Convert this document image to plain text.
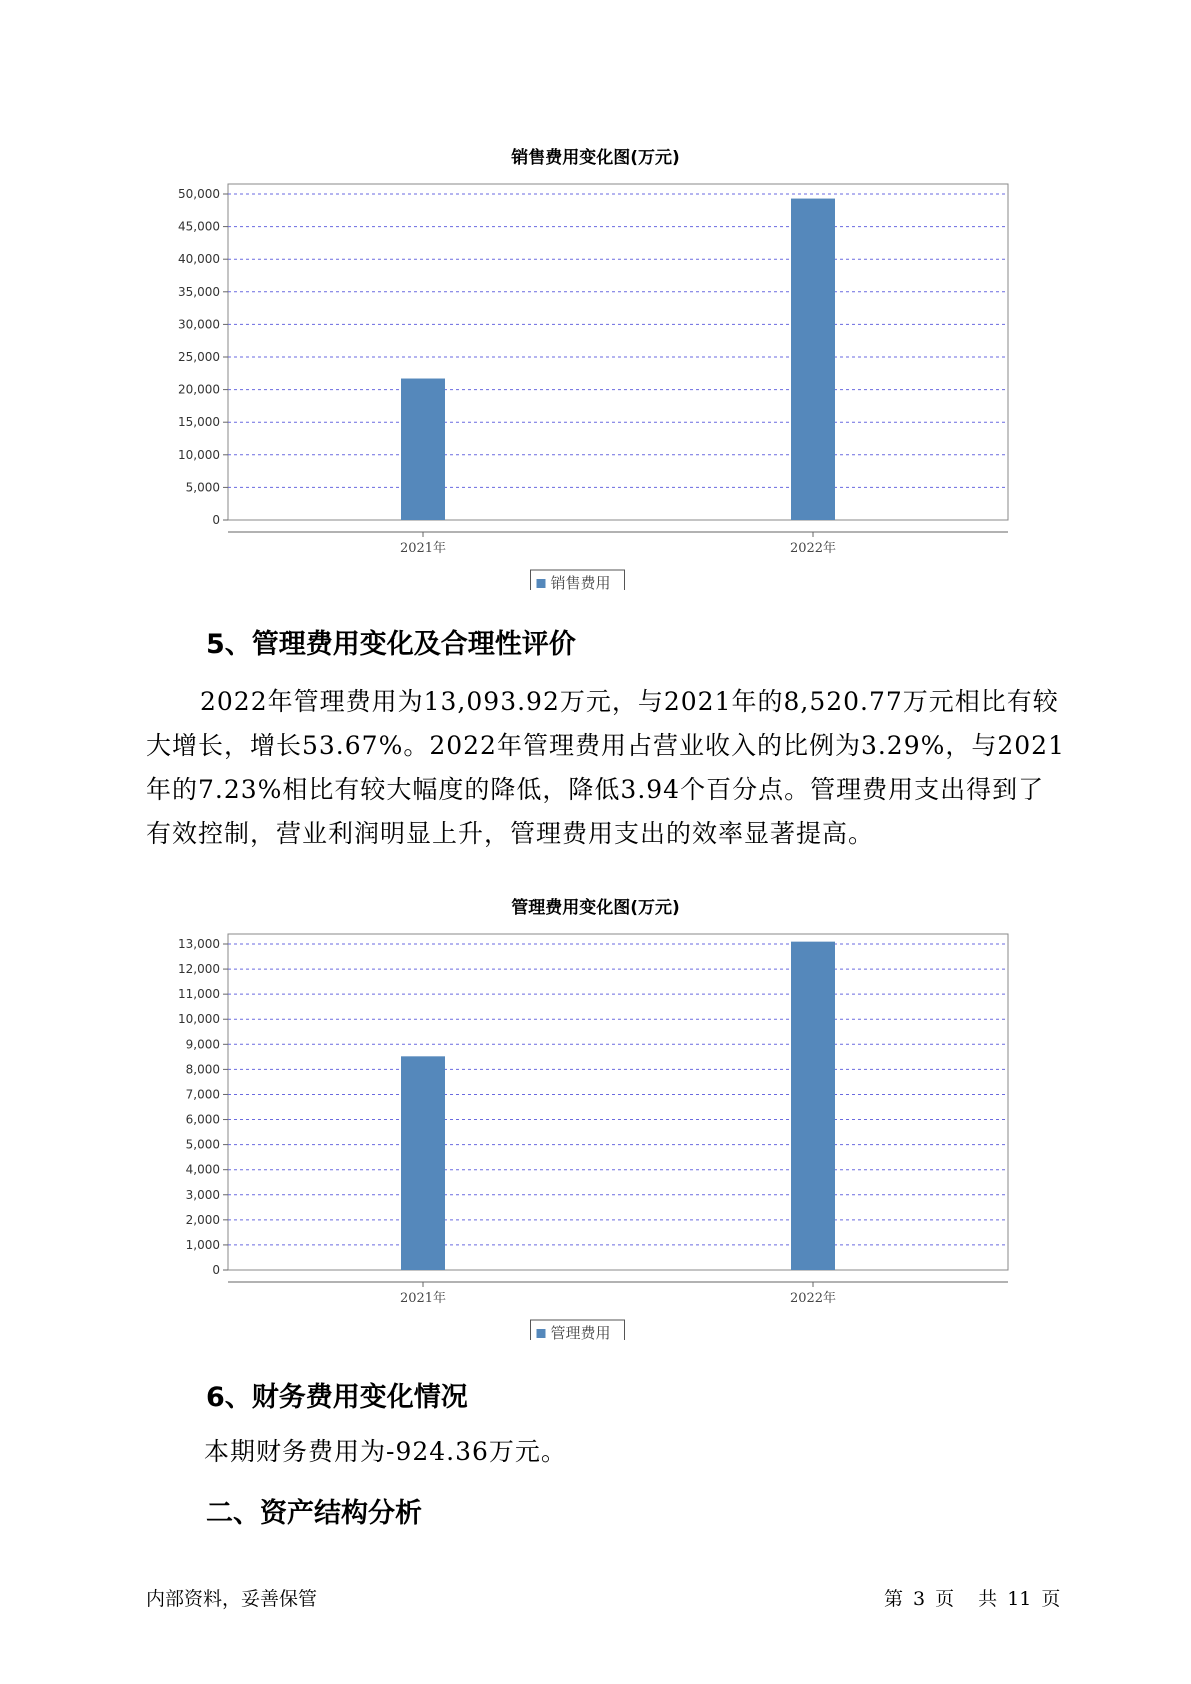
销售费用变化图(万元)
0
5,000
10,000
15,000
20,000
25,000
30,000
35,000
40,000
45,000
50,000
2021年	2022年
销售费用
5、管理费用变化及合理性评价

2022年管理费用为13,093.92万元，与2021年的8,520.77万元相比有较大增长，增长53.67%。2022年管理费用占营业收入的比例为3.29%，与2021年的7.23%相比有较大幅度的降低，降低3.94个百分点。管理费用支出得到了有效控制，营业利润明显上升，管理费用支出的效率显著提高。

管理费用变化图(万元)
0
1,000
2,000
3,000
4,000
5,000
6,000
7,000
8,000
9,000
10,000
11,000
12,000
13,000
2021年	2022年
管理费用
6、财务费用变化情况

本期财务费用为-924.36万元。

二、资产结构分析
内部资料，妥善保管	第 3 页 共 11 页
